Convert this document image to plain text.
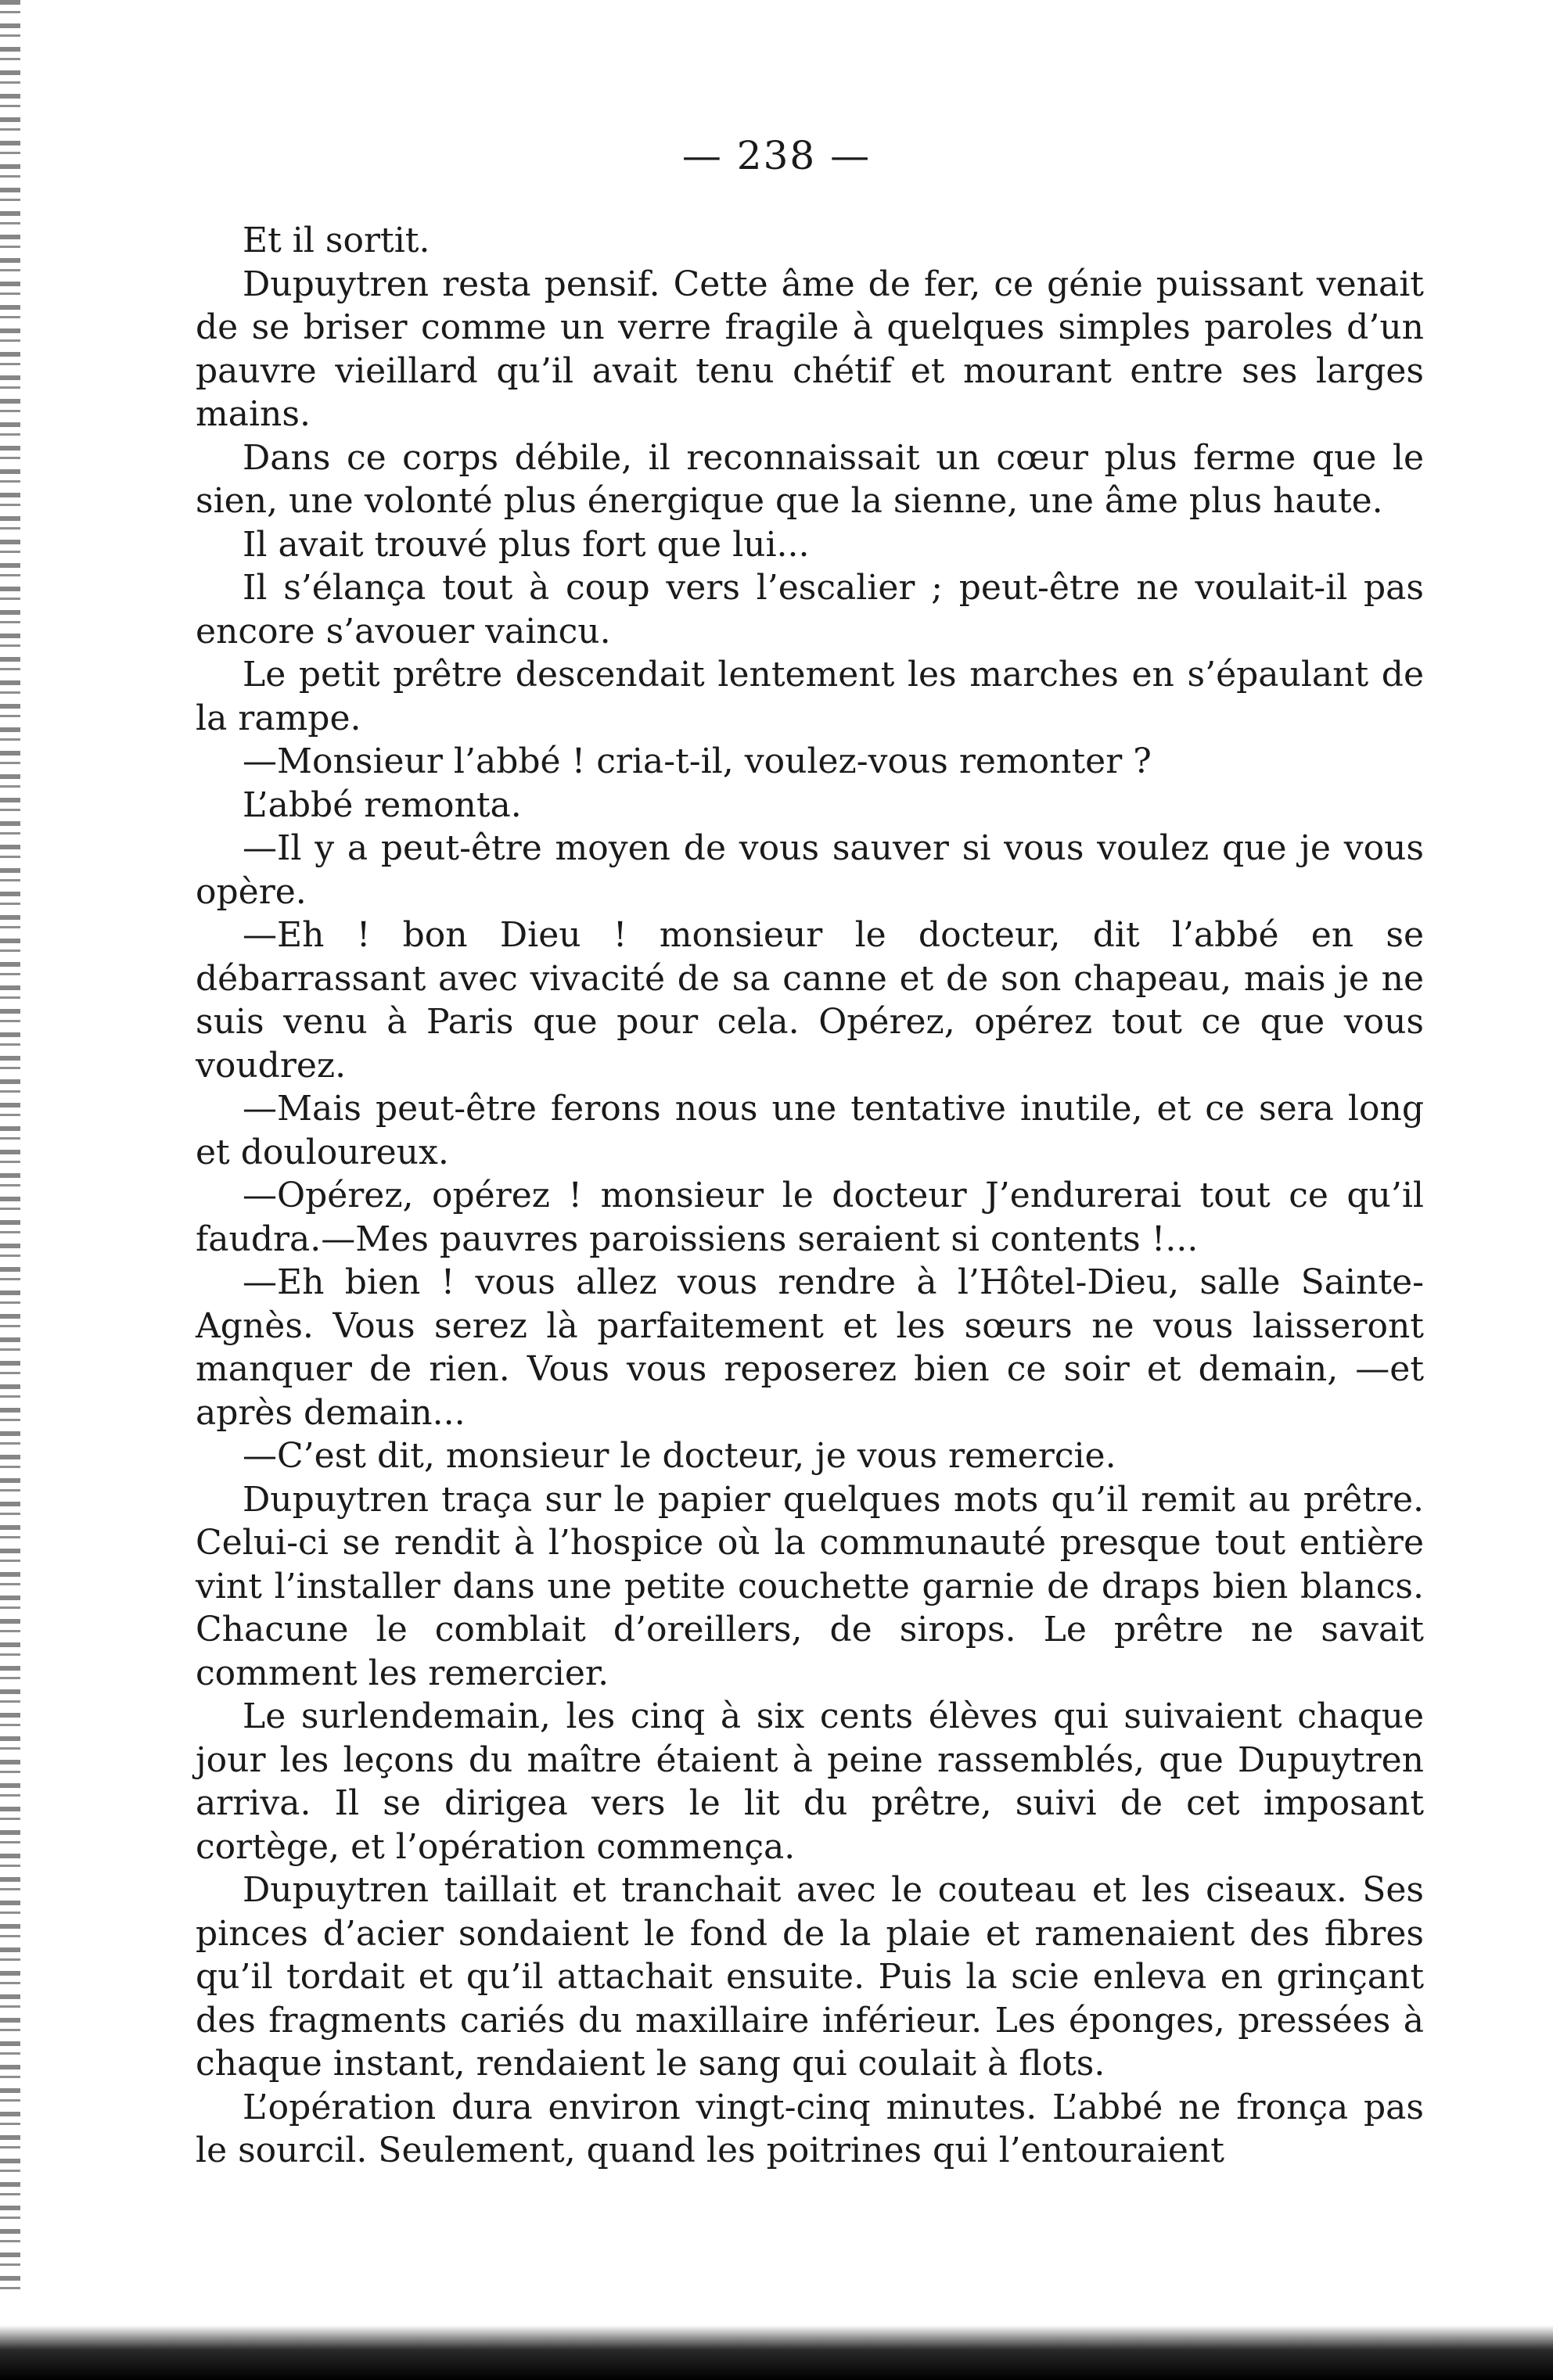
— 238 —

Et il sortit.

Dupuytren resta pensif. Cette âme de fer, ce génie puissant venait de se briser comme un verre fragile à quelques simples paroles d’un pauvre vieillard qu’il avait tenu chétif et mourant entre ses larges mains.

Dans ce corps débile, il reconnaissait un cœur plus ferme que le sien, une volonté plus énergique que la sienne, une âme plus haute.

Il avait trouvé plus fort que lui...

Il s’élança tout à coup vers l’escalier ; peut-être ne voulait-il pas encore s’avouer vaincu.

Le petit prêtre descendait lentement les marches en s’épaulant de la rampe.

—Monsieur l’abbé ! cria-t-il, voulez-vous remonter ?

L’abbé remonta.

—Il y a peut-être moyen de vous sauver si vous voulez que je vous opère.

—Eh ! bon Dieu ! monsieur le docteur, dit l’abbé en se débarrassant avec vivacité de sa canne et de son chapeau, mais je ne suis venu à Paris que pour cela. Opérez, opérez tout ce que vous voudrez.

—Mais peut-être ferons nous une tentative inutile, et ce sera long et douloureux.

—Opérez, opérez ! monsieur le docteur J’endurerai tout ce qu’il faudra.—Mes pauvres paroissiens seraient si contents !...

—Eh bien ! vous allez vous rendre à l’Hôtel-Dieu, salle Sainte-Agnès. Vous serez là parfaitement et les sœurs ne vous laisseront manquer de rien. Vous vous reposerez bien ce soir et demain, —et après demain...

—C’est dit, monsieur le docteur, je vous remercie.

Dupuytren traça sur le papier quelques mots qu’il remit au prêtre. Celui-ci se rendit à l’hospice où la communauté presque tout entière vint l’installer dans une petite couchette garnie de draps bien blancs. Chacune le comblait d’oreillers, de sirops. Le prêtre ne savait comment les remercier.

Le surlendemain, les cinq à six cents élèves qui suivaient chaque jour les leçons du maître étaient à peine rassemblés, que Dupuytren arriva. Il se dirigea vers le lit du prêtre, suivi de cet imposant cortège, et l’opération commença.

Dupuytren taillait et tranchait avec le couteau et les ciseaux. Ses pinces d’acier sondaient le fond de la plaie et ramenaient des fibres qu’il tordait et qu’il attachait ensuite. Puis la scie enleva en grinçant des fragments cariés du maxillaire inférieur. Les éponges, pressées à chaque instant, rendaient le sang qui coulait à flots.

L’opération dura environ vingt-cinq minutes. L’abbé ne fronça pas le sourcil. Seulement, quand les poitrines qui l’entouraient
